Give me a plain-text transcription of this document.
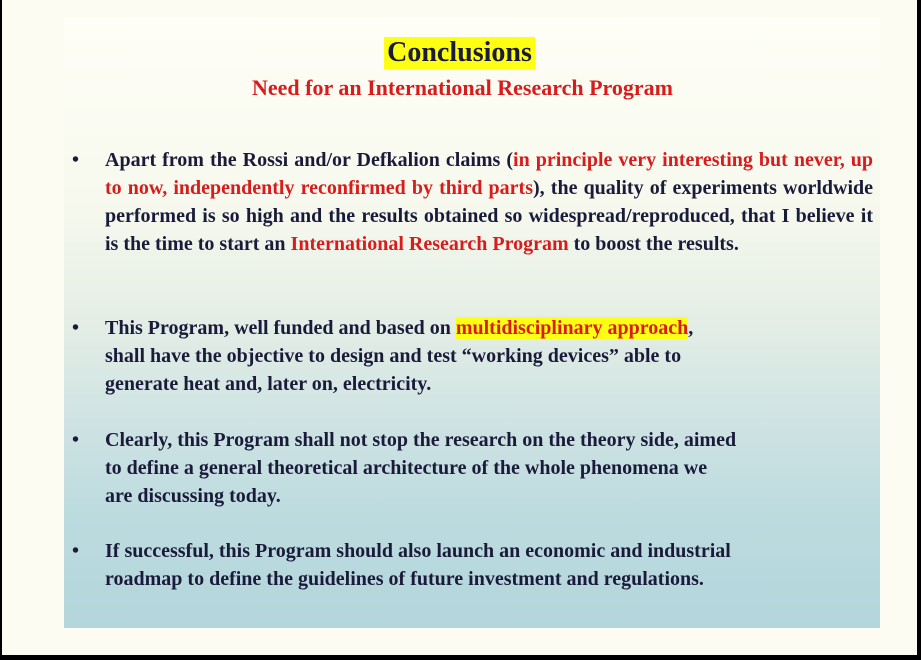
Conclusions
Need for an International Research Program
•	Apart from the Rossi and/or Defkalion claims (in principle very interesting but never, up to now, independently reconfirmed by third parts), the quality of experiments worldwide performed is so high and the results obtained so widespread/reproduced, that I believe it is the time to start an International Research Program to boost the results.
•	This Program, well funded and based on multidisciplinary approach,
shall have the objective to design and test “working devices” able to
generate heat and, later on, electricity.
•	Clearly, this Program shall not stop the research on the theory side, aimed
to define a general theoretical architecture of the whole phenomena we
are discussing today.
•	If successful, this Program should also launch an economic and industrial
roadmap to define the guidelines of future investment and regulations.
